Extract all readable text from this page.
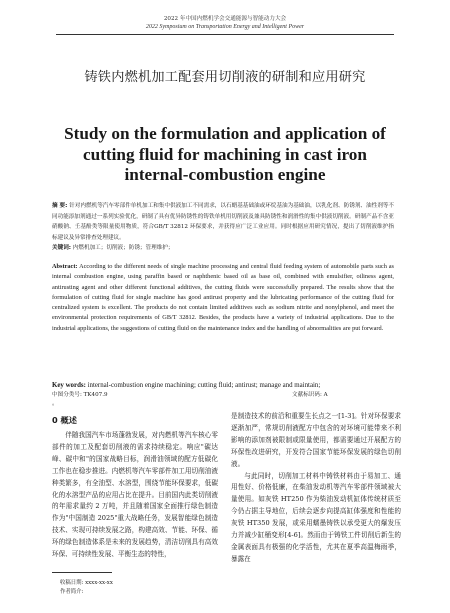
2022 年中国内燃机学会交通能源与智能动力大会
2022 Symposium on Transportation Energy and Intelligent Power
铸铁内燃机加工配套用切削液的研制和应用研究
Study on the formulation and application of cutting fluid for machining in cast iron internal-combustion engine
摘 要: 针对内燃机等汽车零部件单机加工和集中供液加工不同需求，以石蜡基基础油或环烷基油为基础油，以乳化剂、防锈剂、油性剂等不同功能添加剂通过一系列实验优化，研制了具有优异防锈性的铸铁单机用切削液及兼具防锈性和润滑性的集中供液切削液。研制产品不含亚硝酸钠、壬基酚类等限量使用物质，符合GB/T 32812 环保要求，并获得应广泛工业应用。同时根据应用研究情况，提出了切削液维护指标建议及异常排查处理建议。
关键词: 内燃机加工；切削液；防锈；管理维护；
Abstract: According to the different needs of single machine processing and central fluid feeding system of automobile parts such as internal combustion engine, using paraffin based or naphthenic based oil as base oil, combined with emulsifier, oiliness agent, antirusting agent and other different functional additives, the cutting fluids were successfully prepared. The results show that the formulation of cutting fluid for single machine has good antirust property and the lubricating performance of the cutting fluid for centralized system is excellent. The products do not contain limited additives such as sodium nitrite and nonylphenol, and meet the environmental protection requirements of GB/T 32812. Besides, the products have a variety of industrial applications. Due to the industrial applications, the suggestions of cutting fluid on the maintenance index and the handling of abnormalities are put forward.
Key words: internal-combustion engine machining; cutting fluid; antirust; manage and maintain;
中图分类号: TK407.9	文献标识码: A
。
0 概述

伴随我国汽车市场蓬勃发展，对内燃机等汽车核心零部件的加工及配套切削液的需求持续稳定。响应"碳达峰、碳中和"的国家战略目标，润滑油领域的配方低碳化工作也在稳步推进。内燃机等汽车零部件加工用切削油液种类繁多，有全油型、水溶型，围绕节能环保要求，低碳化的水溶型产品的应用占比在提升。目前国内此类切削液的年需求量约 2 万吨，并且随着国家全面推行绿色制造作为"中国制造 2025"重大战略任务，发展智能绿色制造技术、实现可持续发展之路，构建高效、节能、环保、循环的绿色制造体系是未来的发展趋势，清洁切削具有高效环保、可持续性发展、平衡生态的特性，

是制造技术的前沿和重要生长点之一[1-3]。针对环保要求逐渐加严，常规切削液配方中包含的对环境可能带来不利影响的添加剂被限制或限量使用，都需要通过开展配方的环保性改进研究，开发符合国家节能环保发展的绿色切削液。

与此同时，切削加工材料中铸铁材料由于易加工、通用性好、价格低廉，在柴油发动机等汽车零部件领域被大量使用。如灰铁 HT250 作为柴油发动机缸体传统材质至今仍占据主导地位，后续会逐步向提高缸体强度和性能的灰铁 HT350 发展，或采用蠕墨铸铁以承受更大的爆发压力并减少缸桶变形[4-6]。然而由于铸铁工件切削后新生的金属表面具有极强的化学活性，尤其在夏季高温梅雨季，暴露在

收稿日期: xxxx-xx-xx
作者简介:
